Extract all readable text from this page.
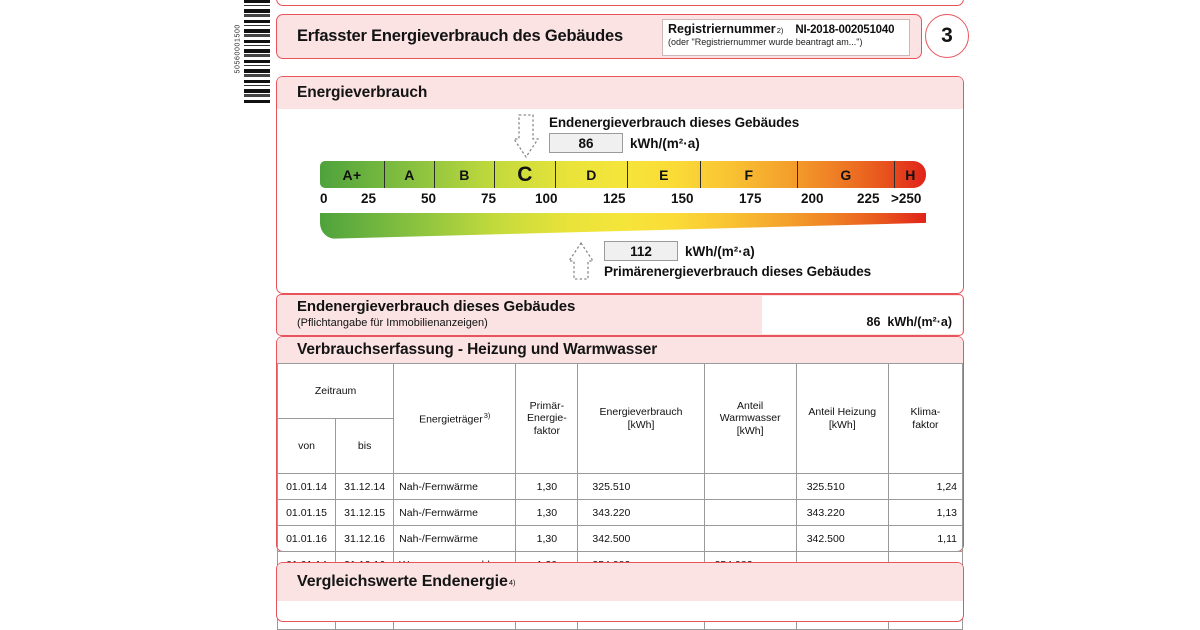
50560001500	Erfasster Energieverbrauch des Gebäudes	Registriernummer 2) NI-2018-002051040
(oder "Registriernummer wurde beantragt am...")	3
Energieverbrauch
Endenergieverbrauch dieses Gebäudes
86	kWh/(m²·a)
A+	A	B C	D	E	F	G	H
0 25	50	75	100	125	150	175	200 225 >250
112	kWh/(m²·a)
Primärenergieverbrauch dieses Gebäudes
Endenergieverbrauch dieses Gebäudes
(Pflichtangabe für Immobilienanzeigen)	86 kWh/(m²·a)
Verbrauchserfassung - Heizung und Warmwasser
Zeitraum	Energieträger$^{3)}$	
Primär-
Energie-
faktor

Energieverbrauch
[kWh]

Anteil
Warmwasser
[kWh]

Anteil Heizung
[kWh]

Klima-
faktor

von	bis						
01.01.14	31.12.14	Nah-/Fernwärme	1,30	325.510		325.510	1,24
01.01.15	31.12.15	Nah-/Fernwärme	1,30	343.220		343.220	1,13
01.01.16	31.12.16	Nah-/Fernwärme	1,30	342.500		342.500	1,11

Vergleichswerte Endenergie 4)
